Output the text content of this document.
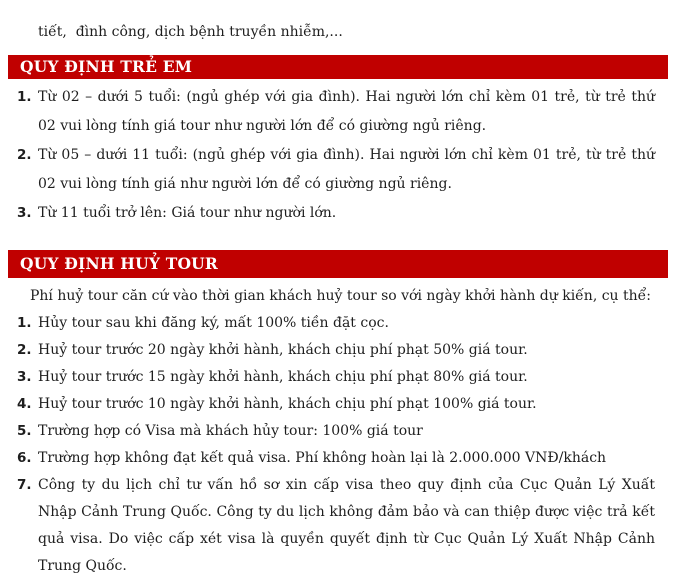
tiết,  đình công, dịch bệnh truyền nhiễm,...
QUY ĐỊNH TRẺ EM
1. Từ 02 – dưới 5 tuổi: (ngủ ghép với gia đình). Hai người lớn chỉ kèm 01 trẻ, từ trẻ thứ 02 vui lòng tính giá tour như người lớn để có giường ngủ riêng.
2. Từ 05 – dưới 11 tuổi: (ngủ ghép với gia đình). Hai người lớn chỉ kèm 01 trẻ, từ trẻ thứ 02 vui lòng tính giá như người lớn để có giường ngủ riêng.
3. Từ 11 tuổi trở lên: Giá tour như người lớn.
QUY ĐỊNH HUỶ TOUR
Phí huỷ tour căn cứ vào thời gian khách huỷ tour so với ngày khởi hành dự kiến, cụ thể:
1. Hủy tour sau khi đăng ký, mất 100% tiền đặt cọc.
2. Huỷ tour trước 20 ngày khởi hành, khách chịu phí phạt 50% giá tour.
3. Huỷ tour trước 15 ngày khởi hành, khách chịu phí phạt 80% giá tour.
4. Huỷ tour trước 10 ngày khởi hành, khách chịu phí phạt 100% giá tour.
5. Trường hợp có Visa mà khách hủy tour: 100% giá tour
6. Trường hợp không đạt kết quả visa. Phí không hoàn lại là 2.000.000 VNĐ/khách
7. Công ty du lịch chỉ tư vấn hồ sơ xin cấp visa theo quy định của Cục Quản Lý Xuất Nhập Cảnh Trung Quốc. Công ty du lịch không đảm bảo và can thiệp được việc trả kết quả visa. Do việc cấp xét visa là quyền quyết định từ Cục Quản Lý Xuất Nhập Cảnh Trung Quốc.
